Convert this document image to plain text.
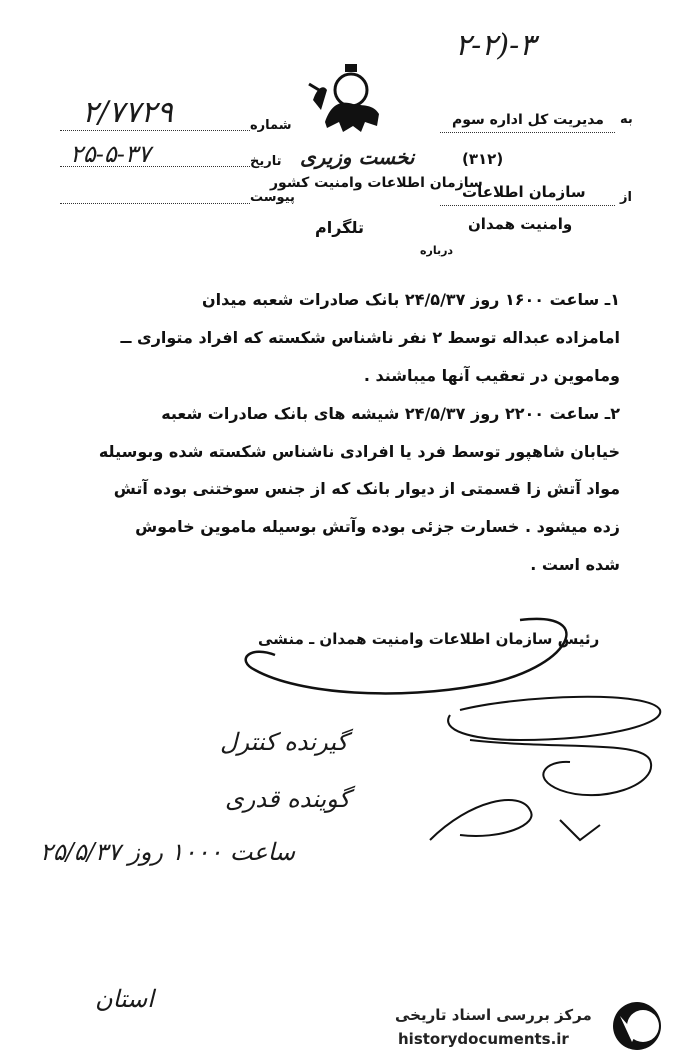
۲-۲)-۳
۲/۷۷۲۹	شماره
۲۵-۵-۳۷	تاریخ
پیوست
نخست وزیری
سازمان اطلاعات وامنیت کشور
تلگرام
به
مدیریت کل اداره سوم
(۳۱۲)
از
سازمان اطلاعات
وامنیت همدان
درباره
۱ـ ساعت ۱۶۰۰ روز ۲۴/۵/۳۷ بانک صادرات شعبه میدان
امامزاده عبداله توسط ۲ نفر ناشناس شکسته که افراد متواری ــ
وماموین در تعقیب آنها میباشند .
۲ـ ساعت ۲۲۰۰ روز ۲۴/۵/۳۷ شیشه های بانک صادرات شعبه
خیابان شاهپور توسط فرد یا افرادی ناشناس شکسته شده وبوسیله
مواد آتش زا قسمتی از دیوار بانک که از جنس سوختنی بوده آتش
زده میشود . خسارت جزئی بوده وآتش بوسیله ماموین خاموش
شده است .
رئیس سازمان اطلاعات وامنیت همدان ـ منشی
گیرنده کنترل
گوینده قدری
ساعت ۱۰۰۰ روز ۲۵/۵/۳۷
استان
مرکز بررسی اسناد تاریخی
historydocuments.ir
